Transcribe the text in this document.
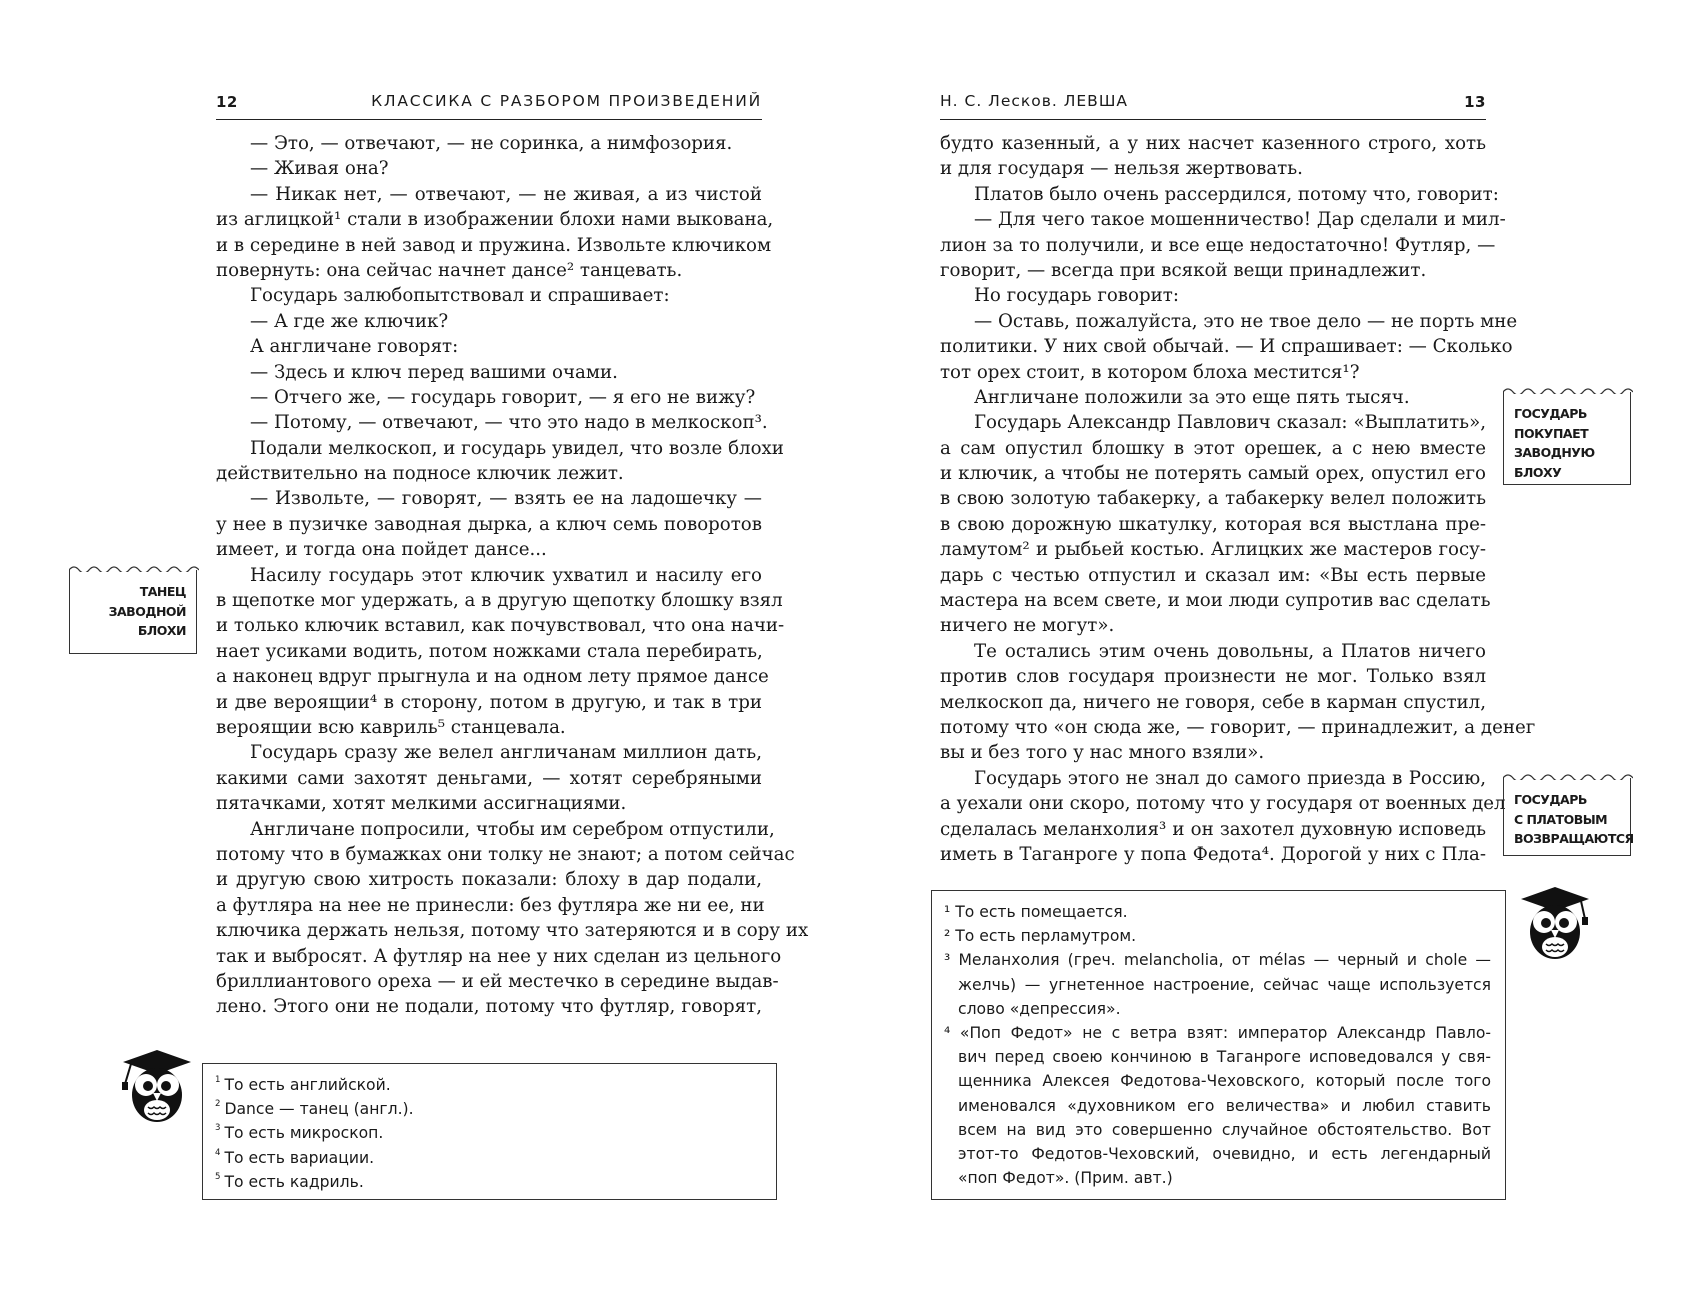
12	КЛАССИКА С РАЗБОРОМ ПРОИЗВЕДЕНИЙ	Н. С. Лесков. ЛЕВША	13
— Это, — отвечают, — не соринка, а нимфозория.
— Живая она?
— Никак нет, — отвечают, — не живая, а из чистой
из аглицкой¹ стали в изображении блохи нами выкована,
и в середине в ней завод и пружина. Извольте ключиком
повернуть: она сейчас начнет дансе² танцевать.
Государь залюбопытствовал и спрашивает:
— А где же ключик?
А англичане говорят:
— Здесь и ключ перед вашими очами.
— Отчего же, — государь говорит, — я его не вижу?
— Потому, — отвечают, — что это надо в мелкоскоп³.
Подали мелкоскоп, и государь увидел, что возле блохи
действительно на подносе ключик лежит.
— Извольте, — говорят, — взять ее на ладошечку —
у нее в пузичке заводная дырка, а ключ семь поворотов
имеет, и тогда она пойдет дансе...
Насилу государь этот ключик ухватил и насилу его
в щепотке мог удержать, а в другую щепотку блошку взял
и только ключик вставил, как почувствовал, что она начи-
нает усиками водить, потом ножками стала перебирать,
а наконец вдруг прыгнула и на одном лету прямое дансе
и две вероящии⁴ в сторону, потом в другую, и так в три
вероящии всю кавриль⁵ станцевала.
Государь сразу же велел англичанам миллион дать,
какими сами захотят деньгами, — хотят серебряными
пятачками, хотят мелкими ассигнациями.
Англичане попросили, чтобы им серебром отпустили,
потому что в бумажках они толку не знают; а потом сейчас
и другую свою хитрость показали: блоху в дар подали,
а футляра на нее не принесли: без футляра же ни ее, ни
ключика держать нельзя, потому что затеряются и в сору их
так и выбросят. А футляр на нее у них сделан из цельного
бриллиантового ореха — и ей местечко в середине выдав-
лено. Этого они не подали, потому что футляр, говорят,
будто казенный, а у них насчет казенного строго, хоть
и для государя — нельзя жертвовать.
Платов было очень рассердился, потому что, говорит:
— Для чего такое мошенничество! Дар сделали и мил-
лион за то получили, и все еще недостаточно! Футляр, —
говорит, — всегда при всякой вещи принадлежит.
Но государь говорит:
— Оставь, пожалуйста, это не твое дело — не порть мне
политики. У них свой обычай. — И спрашивает: — Сколько
тот орех стоит, в котором блоха местится¹?
Англичане положили за это еще пять тысяч.
Государь Александр Павлович сказал: «Выплатить»,
а сам опустил блошку в этот орешек, а с нею вместе
и ключик, а чтобы не потерять самый орех, опустил его
в свою золотую табакерку, а табакерку велел положить
в свою дорожную шкатулку, которая вся выстлана пре-
ламутом² и рыбьей костью. Аглицких же мастеров госу-
дарь с честью отпустил и сказал им: «Вы есть первые
мастера на всем свете, и мои люди супротив вас сделать
ничего не могут».
Те остались этим очень довольны, а Платов ничего
против слов государя произнести не мог. Только взял
мелкоскоп да, ничего не говоря, себе в карман спустил,
потому что «он сюда же, — говорит, — принадлежит, а денег
вы и без того у нас много взяли».
Государь этого не знал до самого приезда в Россию,
а уехали они скоро, потому что у государя от военных дел
сделалась меланхолия³ и он захотел духовную исповедь
иметь в Таганроге у попа Федота⁴. Дорогой у них с Пла-
ТАНЕЦ
ЗАВОДНОЙ
БЛОХИ
ГОСУДАРЬ
ПОКУПАЕТ
ЗАВОДНУЮ
БЛОХУ
ГОСУДАРЬ
С ПЛАТОВЫМ
ВОЗВРАЩАЮТСЯ
$^1$ То есть английской.
$^2$ Dance — танец (англ.).
$^3$ То есть микроскоп.
$^4$ То есть вариации.
$^5$ То есть кадриль.
¹ То есть помещается.
² То есть перламутром.
³ Меланхолия (греч. melancholia, от mélas — черный и chole —
желчь) — угнетенное настроение, сейчас чаще используется
слово «депрессия».
⁴ «Поп Федот» не с ветра взят: император Александр Павло-
вич перед своею кончиною в Таганроге исповедовался у свя-
щенника Алексея Федотова-Чеховского, который после того
именовался «духовником его величества» и любил ставить
всем на вид это совершенно случайное обстоятельство. Вот
этот-то Федотов-Чеховский, очевидно, и есть легендарный
«поп Федот». (Прим. авт.)
